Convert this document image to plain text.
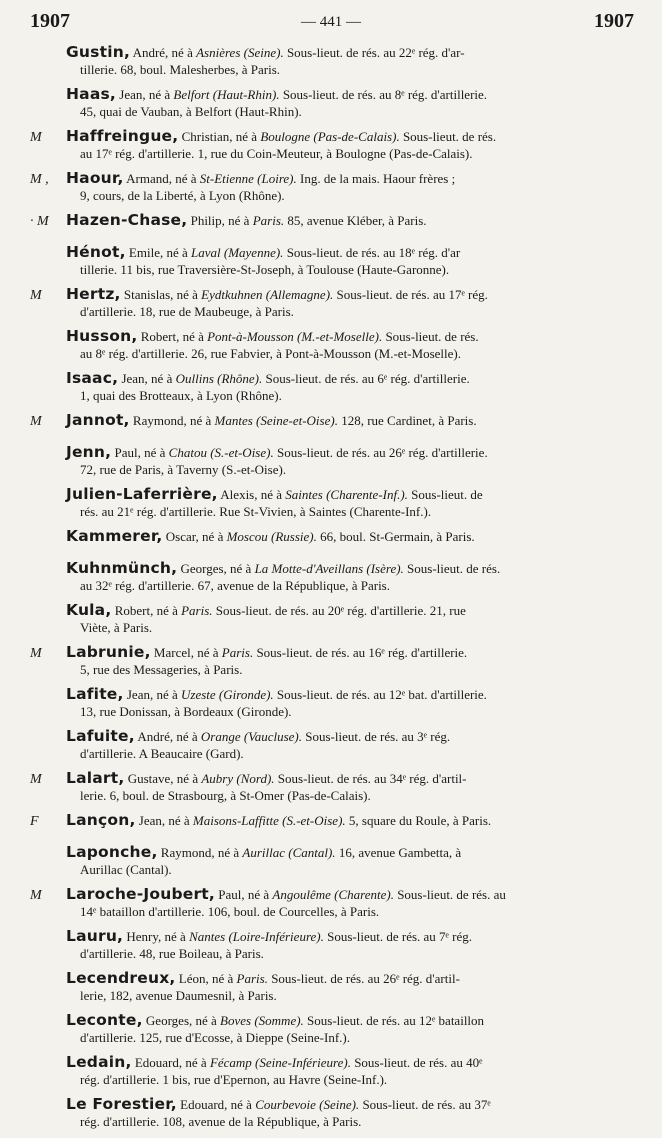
1907	— 441 —	1907
Gustin, André, né à Asnières (Seine). Sous-lieut. de rés. au 22ᵉ rég. d'ar-
tillerie. 68, boul. Malesherbes, à Paris.
Haas, Jean, né à Belfort (Haut-Rhin). Sous-lieut. de rés. au 8ᵉ rég. d'artillerie.
45, quai de Vauban, à Belfort (Haut-Rhin).
M	Haffreingue, Christian, né à Boulogne (Pas-de-Calais). Sous-lieut. de rés.
au 17ᵉ rég. d'artillerie. 1, rue du Coin-Meuteur, à Boulogne (Pas-de-Calais).
M ,	Haour, Armand, né à St-Etienne (Loire). Ing. de la mais. Haour frères ;
9, cours, de la Liberté, à Lyon (Rhône).
· M	Hazen-Chase, Philip, né à Paris. 85, avenue Kléber, à Paris.
Hénot, Emile, né à Laval (Mayenne). Sous-lieut. de rés. au 18ᵉ rég. d'ar
tillerie. 11 bis, rue Traversière-St-Joseph, à Toulouse (Haute-Garonne).
M	Hertz, Stanislas, né à Eydtkuhnen (Allemagne). Sous-lieut. de rés. au 17ᵉ rég.
d'artillerie. 18, rue de Maubeuge, à Paris.
Husson, Robert, né à Pont-à-Mousson (M.-et-Moselle). Sous-lieut. de rés.
au 8ᵉ rég. d'artillerie. 26, rue Fabvier, à Pont-à-Mousson (M.-et-Moselle).
Isaac, Jean, né à Oullins (Rhône). Sous-lieut. de rés. au 6ᵉ rég. d'artillerie.
1, quai des Brotteaux, à Lyon (Rhône).
M	Jannot, Raymond, né à Mantes (Seine-et-Oise). 128, rue Cardinet, à Paris.
Jenn, Paul, né à Chatou (S.-et-Oise). Sous-lieut. de rés. au 26ᵉ rég. d'artillerie.
72, rue de Paris, à Taverny (S.-et-Oise).
Julien-Laferrière, Alexis, né à Saintes (Charente-Inf.). Sous-lieut. de
rés. au 21ᵉ rég. d'artillerie. Rue St-Vivien, à Saintes (Charente-Inf.).
Kammerer, Oscar, né à Moscou (Russie). 66, boul. St-Germain, à Paris.
Kuhnmünch, Georges, né à La Motte-d'Aveillans (Isère). Sous-lieut. de rés.
au 32ᵉ rég. d'artillerie. 67, avenue de la République, à Paris.
Kula, Robert, né à Paris. Sous-lieut. de rés. au 20ᵉ rég. d'artillerie. 21, rue
Viète, à Paris.
M	Labrunie, Marcel, né à Paris. Sous-lieut. de rés. au 16ᵉ rég. d'artillerie.
5, rue des Messageries, à Paris.
Lafite, Jean, né à Uzeste (Gironde). Sous-lieut. de rés. au 12ᵉ bat. d'artillerie.
13, rue Donissan, à Bordeaux (Gironde).
Lafuite, André, né à Orange (Vaucluse). Sous-lieut. de rés. au 3ᵉ rég.
d'artillerie. A Beaucaire (Gard).
M	Lalart, Gustave, né à Aubry (Nord). Sous-lieut. de rés. au 34ᵉ rég. d'artil-
lerie. 6, boul. de Strasbourg, à St-Omer (Pas-de-Calais).
F	Lançon, Jean, né à Maisons-Laffitte (S.-et-Oise). 5, square du Roule, à Paris.
Laponche, Raymond, né à Aurillac (Cantal). 16, avenue Gambetta, à
Aurillac (Cantal).
M	Laroche-Joubert, Paul, né à Angoulême (Charente). Sous-lieut. de rés. au
14ᵉ bataillon d'artillerie. 106, boul. de Courcelles, à Paris.
Lauru, Henry, né à Nantes (Loire-Inférieure). Sous-lieut. de rés. au 7ᵉ rég.
d'artillerie. 48, rue Boileau, à Paris.
Lecendreux, Léon, né à Paris. Sous-lieut. de rés. au 26ᵉ rég. d'artil-
lerie, 182, avenue Daumesnil, à Paris.
Leconte, Georges, né à Boves (Somme). Sous-lieut. de rés. au 12ᵉ bataillon
d'artillerie. 125, rue d'Ecosse, à Dieppe (Seine-Inf.).
Ledain, Edouard, né à Fécamp (Seine-Inférieure). Sous-lieut. de rés. au 40ᵉ
rég. d'artillerie. 1 bis, rue d'Epernon, au Havre (Seine-Inf.).
Le Forestier, Edouard, né à Courbevoie (Seine). Sous-lieut. de rés. au 37ᵉ
rég. d'artillerie. 108, avenue de la République, à Paris.
